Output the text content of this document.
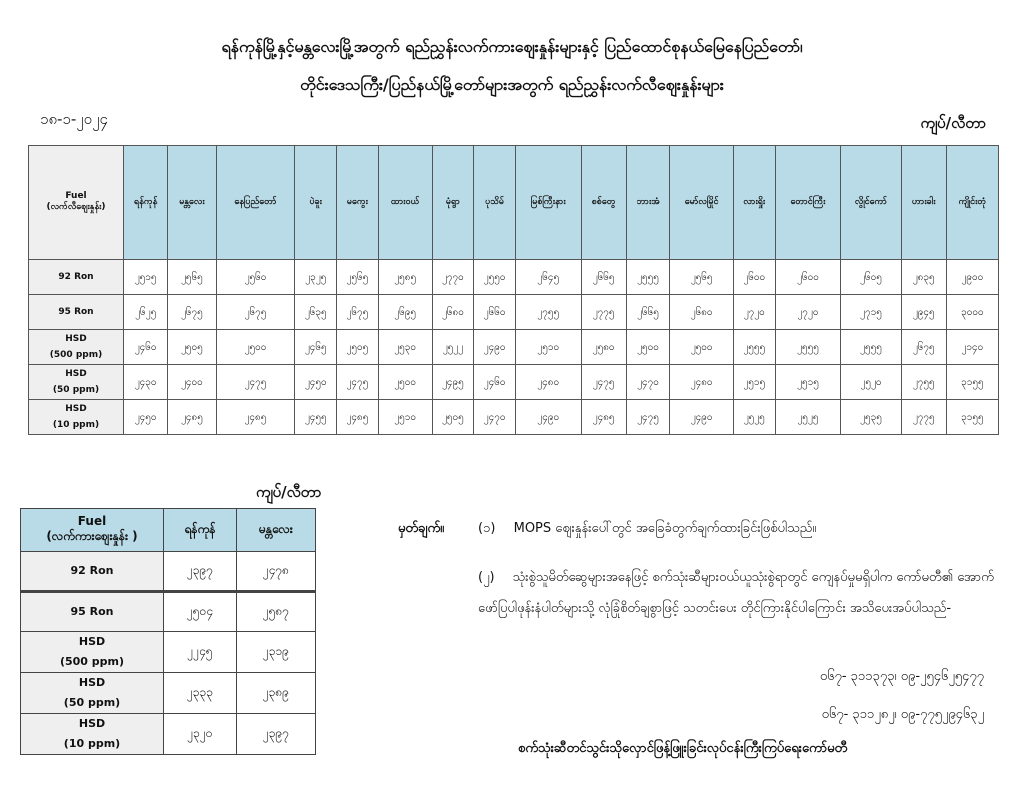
ရန်ကုန်မြို့နှင့်မန္တလေးမြို့အတွက် ရည်ညွှန်းလက်ကားဈေးနှုန်းများနှင့် ပြည်ထောင်စုနယ်မြေနေပြည်တော်၊
တိုင်းဒေသကြီး/ပြည်နယ်မြို့တော်များအတွက် ရည်ညွှန်းလက်လီဈေးနှုန်းများ
၁၈-၁-၂၀၂၄	ကျပ်/လီတာ
Fuel
(လက်လီဈေးနှုန်း)	ရန်ကုန်	မန္တလေး	နေပြည်တော်	ပဲခူး	မကွေး	ထားဝယ်	မုံရွာ	ပုသိမ်	မြစ်ကြီးနား	စစ်တွေ	ဘားအံ	မော်လမြိုင်	လားရှိုး	တောင်ကြီး	လွိုင်ကော်	ဟားခါး	ကျိုင်းတုံ

92 Ron	၂၅၁၅	၂၅၆၅	၂၅၆၀	၂၃၂၅	၂၅၆၅	၂၅၈၅	၂၇၇၀	၂၅၅၀	၂၆၄၅	၂၆၆၅	၂၅၅၅	၂၅၆၅	၂၆၀၀	၂၆၀၀	၂၆၀၅	၂၈၃၅	၂၉၀၀

95 Ron	၂၆၂၅	၂၆၇၅	၂၆၇၅	၂၆၃၅	၂၆၇၅	၂၆၉၅	၂၆၈၀	၂၆၆၀	၂၇၅၅	၂၇၇၅	၂၆၆၅	၂၆၈၀	၂၇၂၀	၂၇၂၀	၂၇၁၅	၂၉၄၅	၃၀၀၀

HSD
(500 ppm)	၂၄၆၀	၂၅၀၅	၂၅၀၀	၂၄၆၅	၂၅၀၅	၂၅၃၀	၂၅၂၂	၂၄၉၀	၂၅၁၀	၂၅၈၀	၂၅၀၀	၂၅၀၀	၂၅၅၅	၂၅၅၅	၂၅၅၅	၂၆၇၅	၂၁၄၀

HSD
(50 ppm)	၂၄၃၀	၂၄၀၀	၂၄၇၅	၂၄၅၀	၂၄၇၅	၂၅၀၀	၂၄၉၅	၂၄၆၀	၂၄၈၀	၂၄၇၅	၂၄၇၀	၂၄၈၀	၂၅၁၅	၂၅၁၅	၂၅၂၀	၂၇၅၅	၃၁၅၅

HSD
(10 ppm)	၂၄၅၀	၂၄၈၅	၂၄၈၅	၂၄၅၅	၂၄၈၅	၂၅၁၀	၂၅၀၅	၂၄၇၀	၂၄၉၀	၂၄၈၅	၂၄၇၅	၂၄၉၀	၂၅၂၅	၂၅၂၅	၂၅၃၅	၂၇၇၅	၃၁၅၅
ကျပ်/လီတာ
Fuel
(လက်ကားဈေးနှုန်း )	ရန်ကုန်	မန္တလေး

92 Ron	၂၃၉၇	၂၄၇၈

95 Ron	၂၅၀၄	၂၅၈၇

HSD
(500 ppm)	၂၂၄၅	၂၃၁၉

HSD
(50 ppm)	၂၃၃၃	၂၃၈၉

HSD
(10 ppm)	၂၃၂၀	၂၃၉၇
မှတ်ချက်။	(၁) MOPS ဈေးနှုန်းပေါ်တွင် အခြေခံတွက်ချက်ထားခြင်းဖြစ်ပါသည်။
(၂) သုံးစွဲသူမိတ်ဆွေများအနေဖြင့် စက်သုံးဆီများဝယ်ယူသုံးစွဲရာတွင် ကျေနပ်မှုမရှိပါက ကော်မတီ၏ အောက်ဖော်ပြပါဖုန်းနံပါတ်များသို့ လုံခြုံစိတ်ချစွာဖြင့် သတင်းပေး တိုင်ကြားနိုင်ပါကြောင်း အသိပေးအပ်ပါသည်-
၀၆၇- ၃၁၁၃၇၃၊ ၀၉-၂၅၄၆၂၅၄၇၇
၀၆၇- ၃၁၁၂၈၂၊ ၀၉-၇၇၅၂၉၄၆၃၂
စက်သုံးဆီတင်သွင်းသိုလှောင်ဖြန့်ဖြူးခြင်းလုပ်ငန်းကြီးကြပ်ရေးကော်မတီ
